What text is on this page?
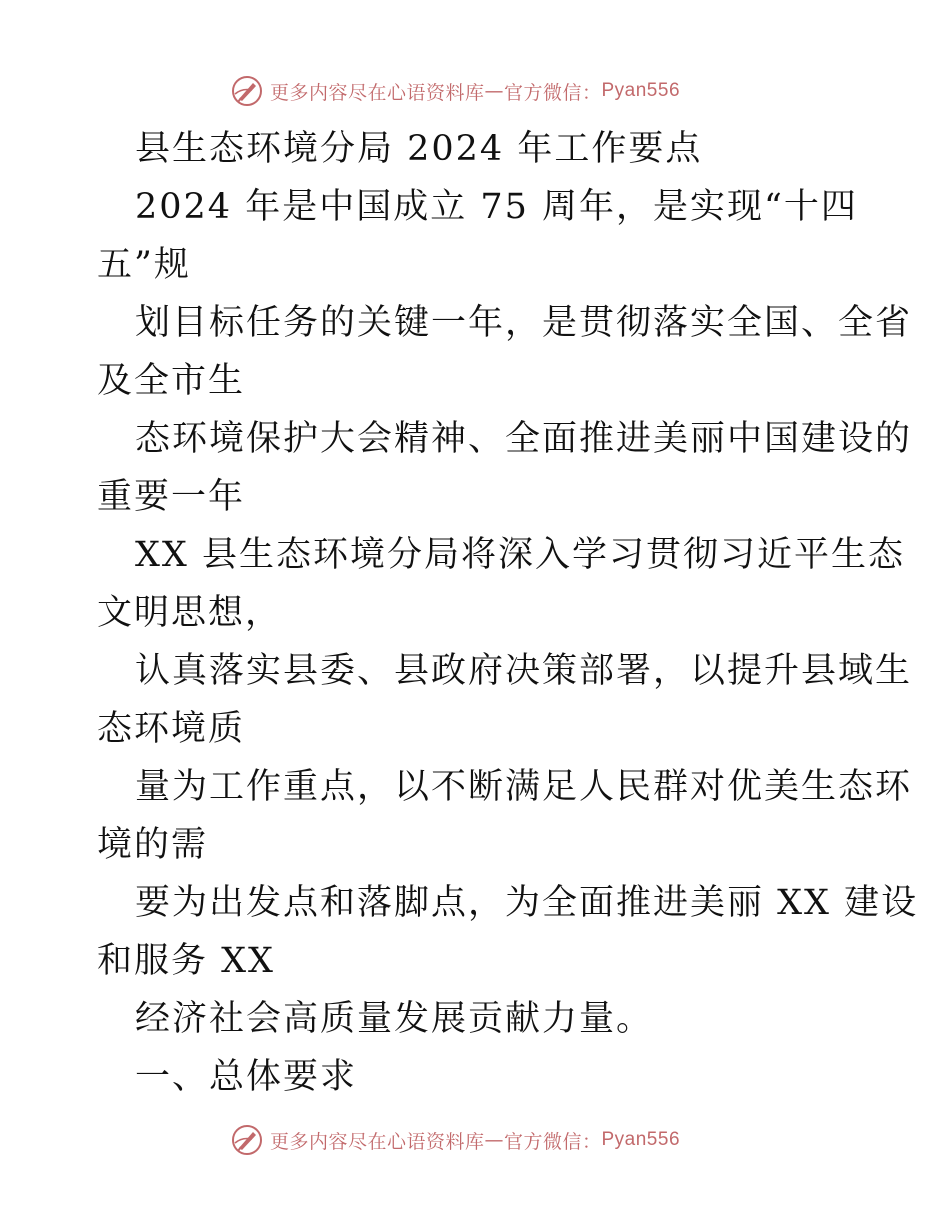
更多内容尽在心语资料库 — 官方微信： Pyan556
县生态环境分局 2024 年工作要点
2024 年是中国成立 75 周年，是实现“十四
五”规
划目标任务的关键一年，是贯彻落实全国、全省
及全市生
态环境保护大会精神、全面推进美丽中国建设的
重要一年
XX 县生态环境分局将深入学习贯彻习近平生态
文明思想，
认真落实县委、县政府决策部署，以提升县域生
态环境质
量为工作重点，以不断满足人民群对优美生态环
境的需
要为出发点和落脚点，为全面推进美丽 XX 建设
和服务 XX
经济社会高质量发展贡献力量。
一、总体要求
更多内容尽在心语资料库 — 官方微信： Pyan556
